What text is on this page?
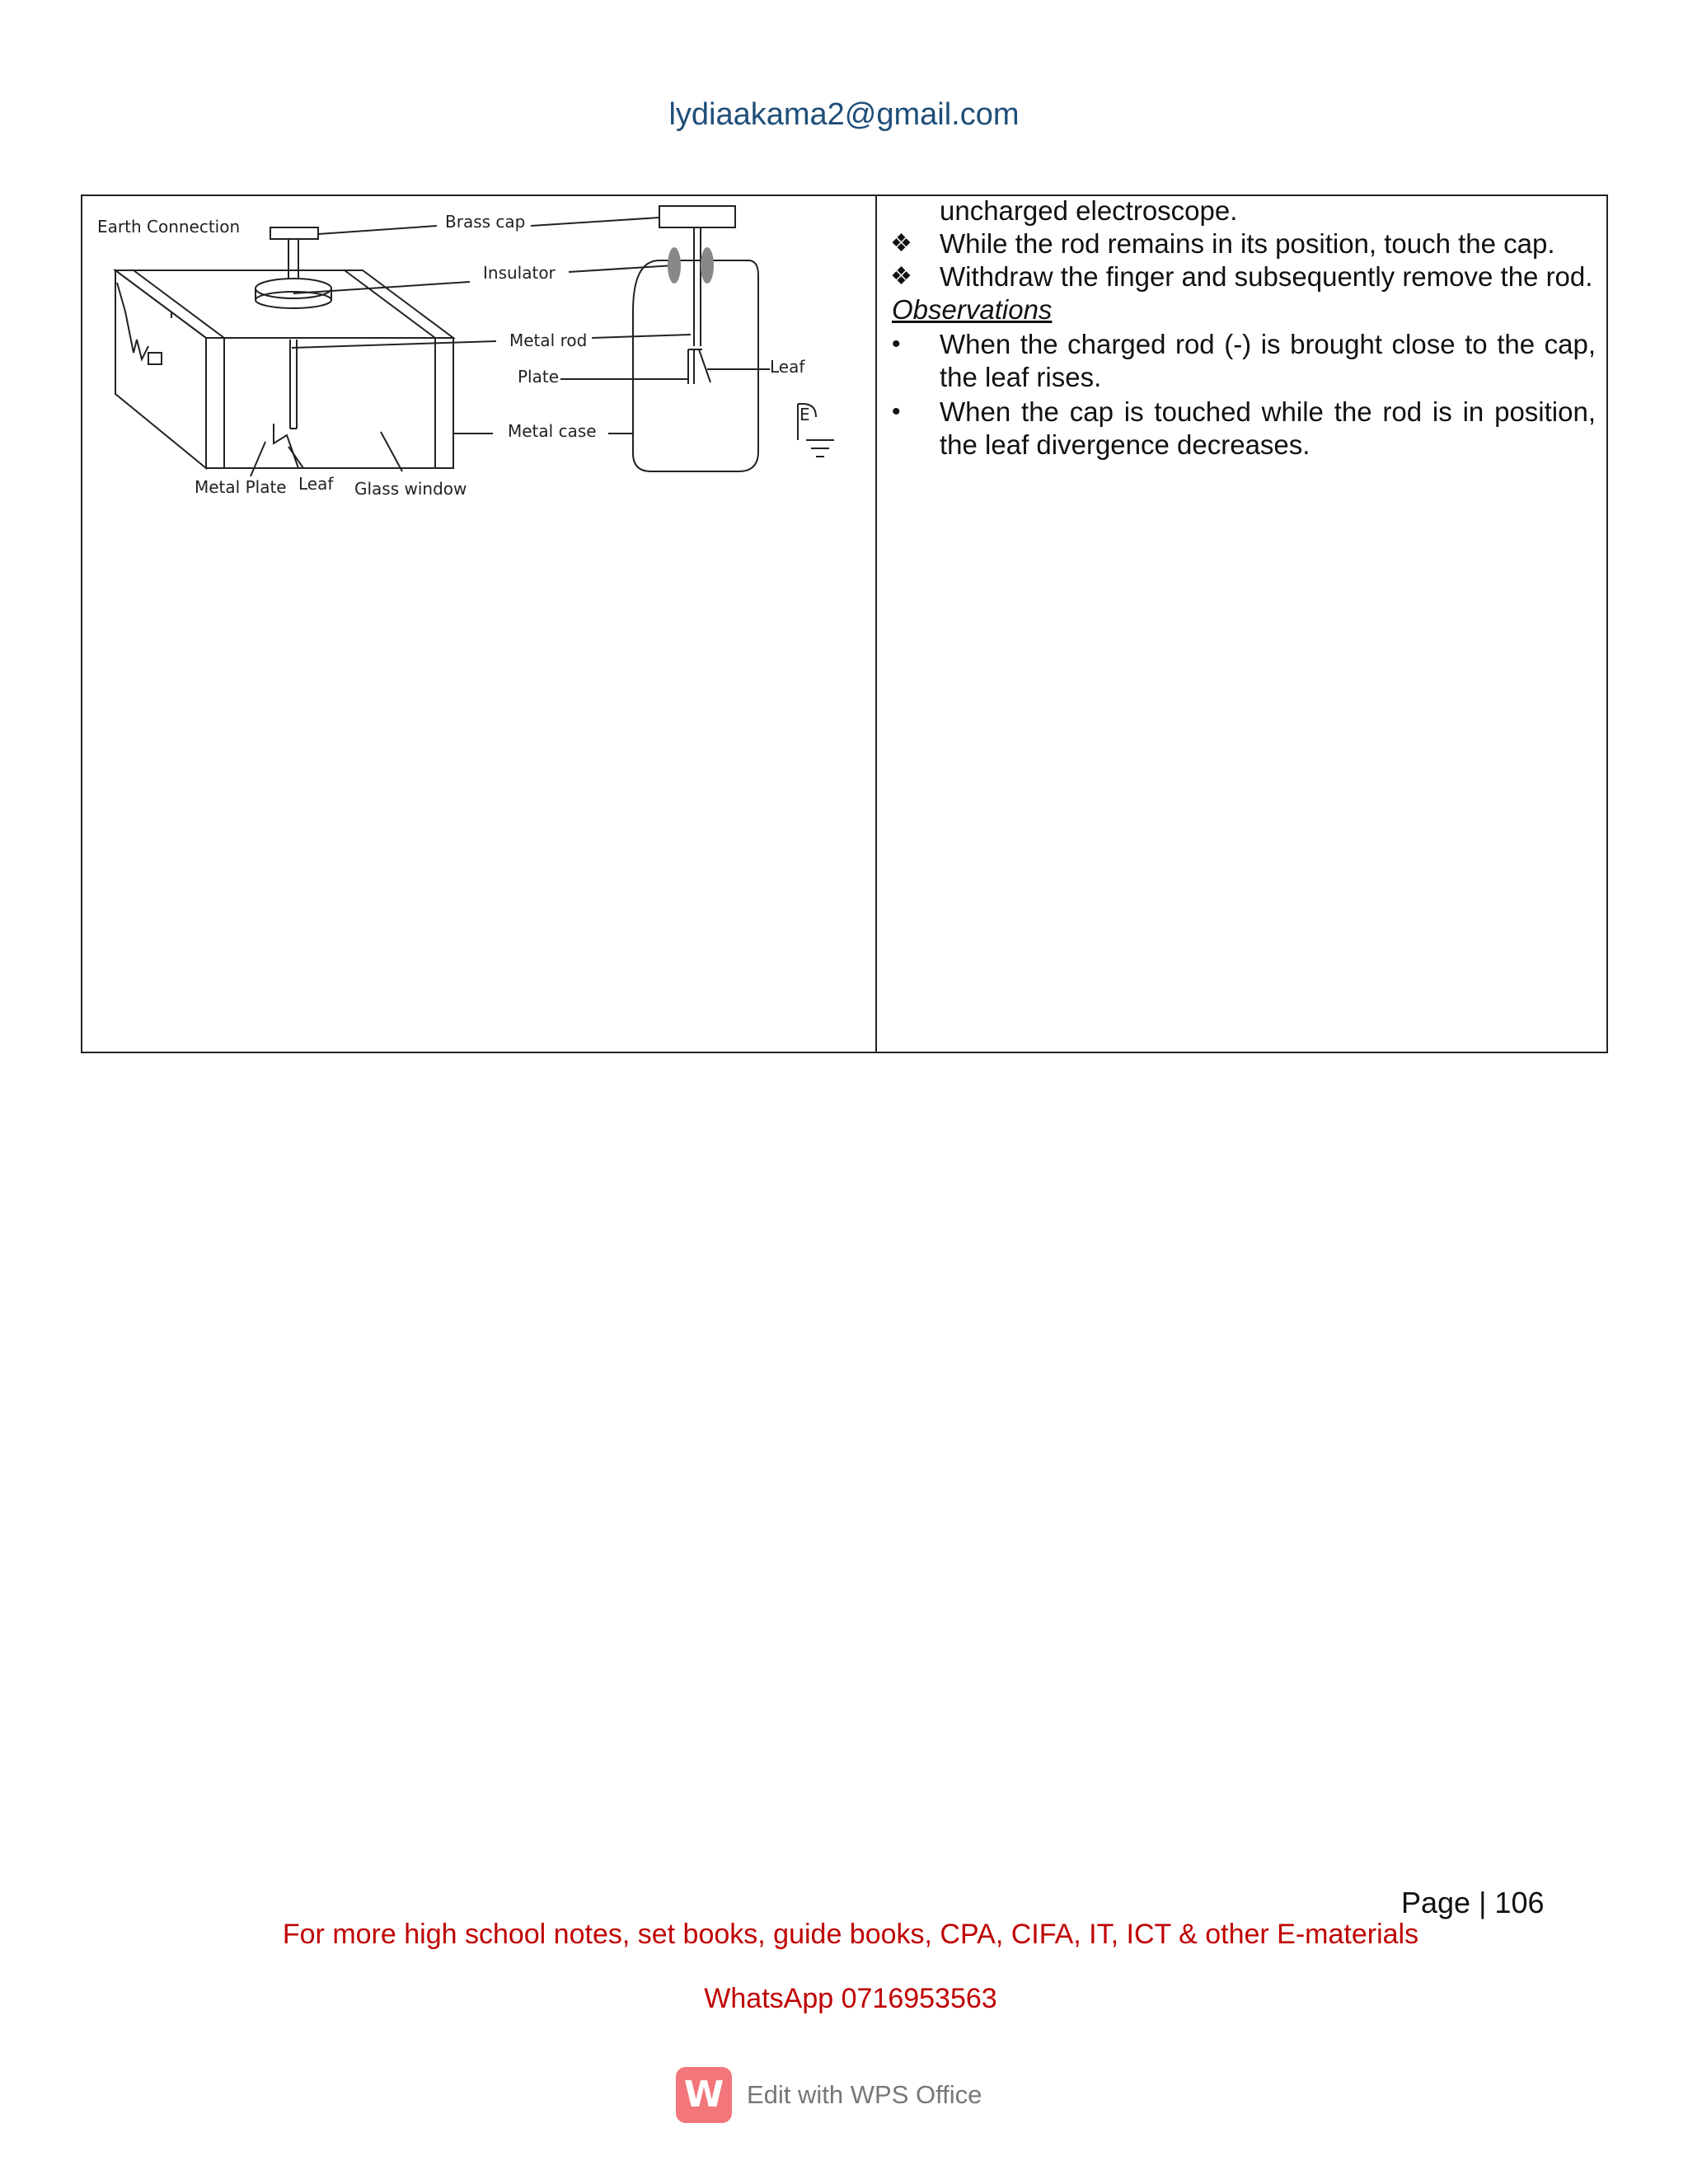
lydiaakama2@gmail.com
Earth Connection	Brass cap
Insulator
Metal rod
Plate	Leaf
Metal case
E
Metal Plate Leaf Glass window
uncharged electroscope.
❖ While the rod remains in its position, touch the cap.
❖ Withdraw the finger and subsequently remove the rod.
Observations
• When the charged rod (-) is brought close to the cap,
the leaf rises.
• When the cap is touched while the rod is in position,
the leaf divergence decreases.
Page | 106
For more high school notes, set books, guide books, CPA, CIFA, IT, ICT & other E-materials
WhatsApp 0716953563
W Edit with WPS Office
